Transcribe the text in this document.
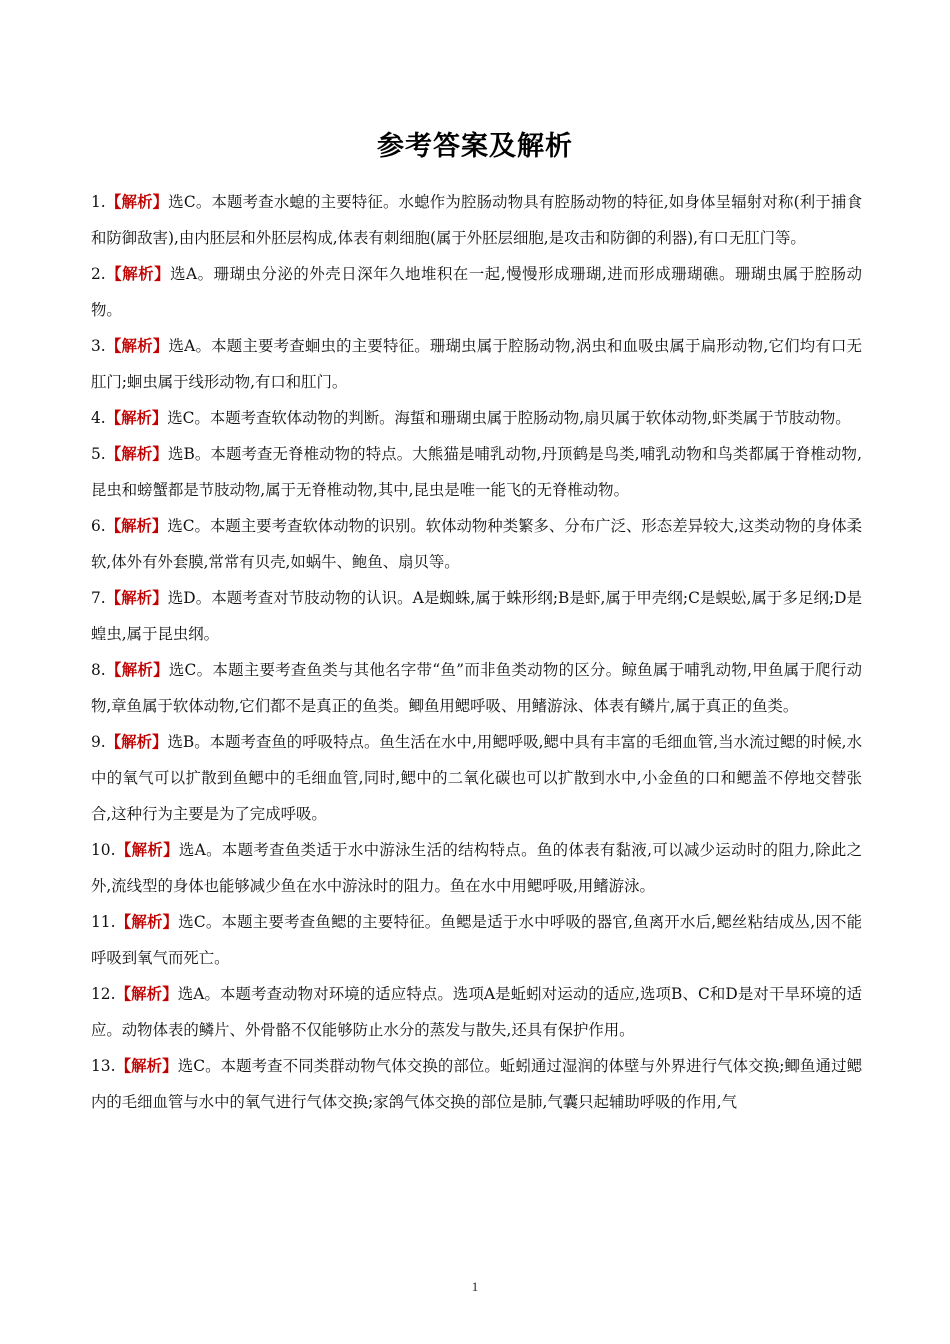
参考答案及解析

1.【解析】选C。本题考查水螅的主要特征。水螅作为腔肠动物具有腔肠动物的特征,如身体呈辐射对称(利于捕食和防御敌害),由内胚层和外胚层构成,体表有刺细胞(属于外胚层细胞,是攻击和防御的利器),有口无肛门等。

2.【解析】选A。珊瑚虫分泌的外壳日深年久地堆积在一起,慢慢形成珊瑚,进而形成珊瑚礁。珊瑚虫属于腔肠动物。

3.【解析】选A。本题主要考查蛔虫的主要特征。珊瑚虫属于腔肠动物,涡虫和血吸虫属于扁形动物,它们均有口无肛门;蛔虫属于线形动物,有口和肛门。

4.【解析】选C。本题考查软体动物的判断。海蜇和珊瑚虫属于腔肠动物,扇贝属于软体动物,虾类属于节肢动物。

5.【解析】选B。本题考查无脊椎动物的特点。大熊猫是哺乳动物,丹顶鹤是鸟类,哺乳动物和鸟类都属于脊椎动物,昆虫和螃蟹都是节肢动物,属于无脊椎动物,其中,昆虫是唯一能飞的无脊椎动物。

6.【解析】选C。本题主要考查软体动物的识别。软体动物种类繁多、分布广泛、形态差异较大,这类动物的身体柔软,体外有外套膜,常常有贝壳,如蜗牛、鲍鱼、扇贝等。

7.【解析】选D。本题考查对节肢动物的认识。A是蜘蛛,属于蛛形纲;B是虾,属于甲壳纲;C是蜈蚣,属于多足纲;D是蝗虫,属于昆虫纲。

8.【解析】选C。本题主要考查鱼类与其他名字带“鱼”而非鱼类动物的区分。鲸鱼属于哺乳动物,甲鱼属于爬行动物,章鱼属于软体动物,它们都不是真正的鱼类。鲫鱼用鳃呼吸、用鳍游泳、体表有鳞片,属于真正的鱼类。

9.【解析】选B。本题考查鱼的呼吸特点。鱼生活在水中,用鳃呼吸,鳃中具有丰富的毛细血管,当水流过鳃的时候,水中的氧气可以扩散到鱼鳃中的毛细血管,同时,鳃中的二氧化碳也可以扩散到水中,小金鱼的口和鳃盖不停地交替张合,这种行为主要是为了完成呼吸。

10.【解析】选A。本题考查鱼类适于水中游泳生活的结构特点。鱼的体表有黏液,可以减少运动时的阻力,除此之外,流线型的身体也能够减少鱼在水中游泳时的阻力。鱼在水中用鳃呼吸,用鳍游泳。

11.【解析】选C。本题主要考查鱼鳃的主要特征。鱼鳃是适于水中呼吸的器官,鱼离开水后,鳃丝粘结成丛,因不能呼吸到氧气而死亡。

12.【解析】选A。本题考查动物对环境的适应特点。选项A是蚯蚓对运动的适应,选项B、C和D是对干旱环境的适应。动物体表的鳞片、外骨骼不仅能够防止水分的蒸发与散失,还具有保护作用。

13.【解析】选C。本题考查不同类群动物气体交换的部位。蚯蚓通过湿润的体壁与外界进行气体交换;鲫鱼通过鳃内的毛细血管与水中的氧气进行气体交换;家鸽气体交换的部位是肺,气囊只起辅助呼吸的作用,气

1
